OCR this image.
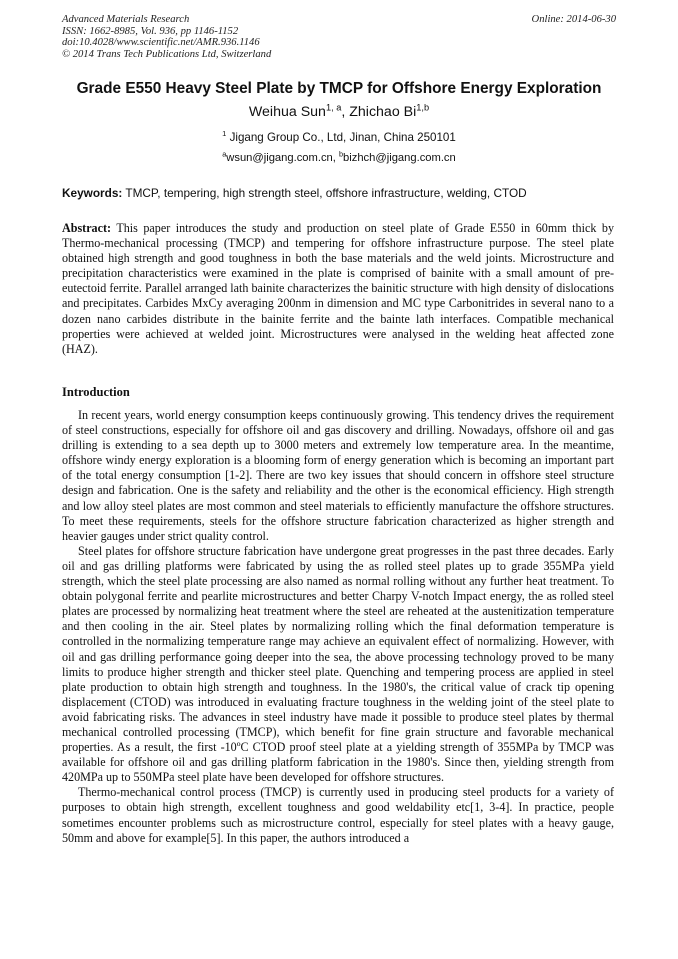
Advanced Materials Research
ISSN: 1662-8985, Vol. 936, pp 1146-1152
doi:10.4028/www.scientific.net/AMR.936.1146
© 2014 Trans Tech Publications Ltd, Switzerland
Online: 2014-06-30
Grade E550 Heavy Steel Plate by TMCP for Offshore Energy Exploration
Weihua Sun$^{1, a}$, Zhichao Bi$^{1,b}$
$^1$ Jigang Group Co., Ltd, Jinan, China 250101
$^a$wsun@jigang.com.cn, $^b$bizhch@jigang.com.cn
Keywords: TMCP, tempering, high strength steel, offshore infrastructure, welding, CTOD
Abstract: This paper introduces the study and production on steel plate of Grade E550 in 60mm thick by Thermo-mechanical processing (TMCP) and tempering for offshore infrastructure purpose. The steel plate obtained high strength and good toughness in both the base materials and the weld joints. Microstructure and precipitation characteristics were examined in the plate is comprised of bainite with a small amount of pre-eutectoid ferrite. Parallel arranged lath bainite characterizes the bainitic structure with high density of dislocations and precipitates. Carbides MxCy averaging 200nm in dimension and MC type Carbonitrides in several nano to a dozen nano carbides distribute in the bainite ferrite and the bainte lath interfaces. Compatible mechanical properties were achieved at welded joint. Microstructures were analysed in the welding heat affected zone (HAZ).
Introduction

In recent years, world energy consumption keeps continuously growing. This tendency drives the requirement of steel constructions, especially for offshore oil and gas discovery and drilling. Nowadays, offshore oil and gas drilling is extending to a sea depth up to 3000 meters and extremely low temperature area. In the meantime, offshore windy energy exploration is a blooming form of energy generation which is becoming an important part of the total energy consumption [1-2]. There are two key issues that should concern in offshore steel structure design and fabrication. One is the safety and reliability and the other is the economical efficiency. High strength and low alloy steel plates are most common and steel materials to efficiently manufacture the offshore structures. To meet these requirements, steels for the offshore structure fabrication characterized as higher strength and heavier gauges under strict quality control.

Steel plates for offshore structure fabrication have undergone great progresses in the past three decades. Early oil and gas drilling platforms were fabricated by using the as rolled steel plates up to grade 355MPa yield strength, which the steel plate processing are also named as normal rolling without any further heat treatment. To obtain polygonal ferrite and pearlite microstructures and better Charpy V-notch Impact energy, the as rolled steel plates are processed by normalizing heat treatment where the steel are reheated at the austenitization temperature and then cooling in the air. Steel plates by normalizing rolling which the final deformation temperature is controlled in the normalizing temperature range may achieve an equivalent effect of normalizing. However, with oil and gas drilling performance going deeper into the sea, the above processing technology proved to be many limits to produce higher strength and thicker steel plate. Quenching and tempering process are applied in steel plate production to obtain high strength and toughness. In the 1980's, the critical value of crack tip opening displacement (CTOD) was introduced in evaluating fracture toughness in the welding joint of the steel plate to avoid fabricating risks. The advances in steel industry have made it possible to produce steel plates by thermal mechanical controlled processing (TMCP), which benefit for fine grain structure and favorable mechanical properties. As a result, the first -10ºC CTOD proof steel plate at a yielding strength of 355MPa by TMCP was available for offshore oil and gas drilling platform fabrication in the 1980's. Since then, yielding strength from 420MPa up to 550MPa steel plate have been developed for offshore structures.

Thermo-mechanical control process (TMCP) is currently used in producing steel products for a variety of purposes to obtain high strength, excellent toughness and good weldability etc[1, 3-4]. In practice, people sometimes encounter problems such as microstructure control, especially for steel plates with a heavy gauge, 50mm and above for example[5]. In this paper, the authors introduced a
